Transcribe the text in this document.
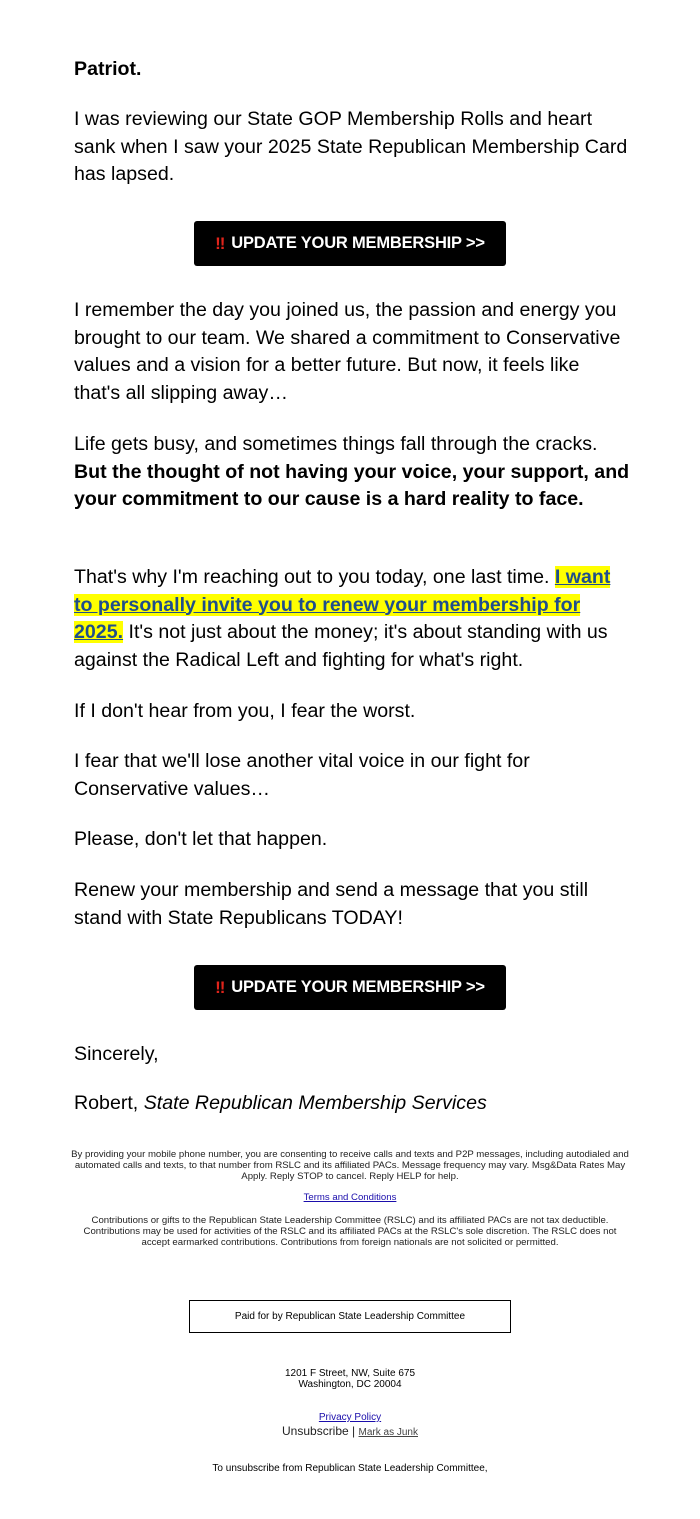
Patriot.

I was reviewing our State GOP Membership Rolls and heart sank when I saw your 2025 State Republican Membership Card has lapsed.

I remember the day you joined us, the passion and energy you brought to our team. We shared a commitment to Conservative values and a vision for a better future. But now, it feels like that's all slipping away…

Life gets busy, and sometimes things fall through the cracks. But the thought of not having your voice, your support, and your commitment to our cause is a hard reality to face.

That's why I'm reaching out to you today, one last time. I want to personally invite you to renew your membership for 2025. It's not just about the money; it's about standing with us against the Radical Left and fighting for what's right.

If I don't hear from you, I fear the worst.

I fear that we'll lose another vital voice in our fight for Conservative values…

Please, don't let that happen.

Renew your membership and send a message that you still stand with State Republicans TODAY!

Sincerely,

Robert, State Republican Membership Services

‼ UPDATE YOUR MEMBERSHIP >>
‼ UPDATE YOUR MEMBERSHIP >>
By providing your mobile phone number, you are consenting to receive calls and texts and P2P messages, including autodialed and automated calls and texts, to that number from RSLC and its affiliated PACs. Message frequency may vary. Msg&Data Rates May Apply. Reply STOP to cancel. Reply HELP for help.
Terms and Conditions
Contributions or gifts to the Republican State Leadership Committee (RSLC) and its affiliated PACs are not tax deductible. Contributions may be used for activities of the RSLC and its affiliated PACs at the RSLC's sole discretion. The RSLC does not accept earmarked contributions. Contributions from foreign nationals are not solicited or permitted.
Paid for by Republican State Leadership Committee
1201 F Street, NW, Suite 675
Washington, DC 20004
Privacy Policy
Unsubscribe | Mark as Junk
To unsubscribe from Republican State Leadership Committee,
